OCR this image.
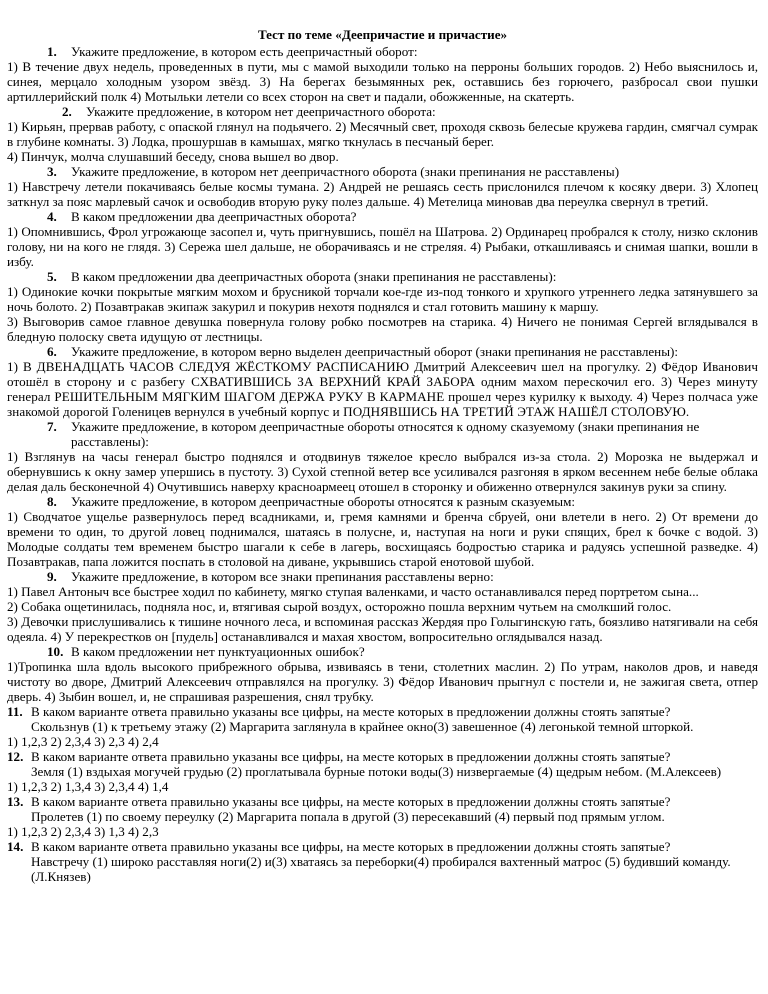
Тест по теме «Деепричастие и причастие»
1. Укажите предложение, в котором есть деепричастный оборот:
1) В течение двух недель, проведенных в пути, мы с мамой выходили только на перроны больших городов. 2) Небо выяснилось и, синея, мерцало холодным узором звёзд. 3) На берегах безымянных рек, оставшись без горючего, разбросал свои пушки артиллерийский полк 4) Мотыльки летели со всех сторон на свет и падали, обожженные, на скатерть.
2. Укажите предложение, в котором нет деепричастного оборота:
1) Кирьян, прервав работу, с опаской глянул на подьячего. 2) Месячный свет, проходя сквозь белесые кружева гардин, смягчал сумрак в глубине комнаты. 3) Лодка, прошуршав в камышах, мягко ткнулась в песчаный берег.
4) Пинчук, молча слушавший беседу, снова вышел во двор.
3. Укажите предложение, в котором нет деепричастного оборота (знаки препинания не расставлены)
1) Навстречу летели покачиваясь белые космы тумана. 2) Андрей не решаясь сесть прислонился плечом к косяку двери. 3) Хлопец заткнул за пояс марлевый сачок и освободив вторую руку полез дальше. 4) Метелица миновав два переулка свернул в третий.
4. В каком предложении два деепричастных оборота?
1) Опомнившись, Фрол угрожающе засопел и, чуть пригнувшись, пошёл на Шатрова. 2) Ординарец пробрался к столу, низко склонив голову, ни на кого не глядя. 3) Сережа шел дальше, не оборачиваясь и не стреляя. 4) Рыбаки, откашливаясь и снимая шапки, вошли в избу.
5. В каком предложении два деепричастных оборота (знаки препинания не расставлены):
1) Одинокие кочки покрытые мягким мохом и брусникой торчали кое-где из-под тонкого и хрупкого утреннего ледка затянувшего за ночь болото. 2) Позавтракав экипаж закурил и покурив нехотя поднялся и стал готовить машину к маршу.
3) Выговорив самое главное девушка повернула голову робко посмотрев на старика. 4) Ничего не понимая Сергей вглядывался в бледную полоску света идущую от лестницы.
6. Укажите предложение, в котором верно выделен деепричастный оборот (знаки препинания не расставлены):
1) В ДВЕНАДЦАТЬ ЧАСОВ СЛЕДУЯ ЖЁСТКОМУ РАСПИСАНИЮ Дмитрий Алексеевич шел на прогулку. 2) Фёдор Иванович отошёл в сторону и с разбегу СХВАТИВШИСЬ ЗА ВЕРХНИЙ КРАЙ ЗАБОРА одним махом перескочил его. 3) Через минуту генерал РЕШИТЕЛЬНЫМ МЯГКИМ ШАГОМ ДЕРЖА РУКУ В КАРМАНЕ прошел через курилку к выходу. 4) Через полчаса уже знакомой дорогой Голеницев вернулся в учебный корпус и ПОДНЯВШИСЬ НА ТРЕТИЙ ЭТАЖ НАШЁЛ СТОЛОВУЮ.
7. Укажите предложение, в котором деепричастные обороты относятся к одному сказуемому (знаки препинания не
расставлены):
1) Взглянув на часы генерал быстро поднялся и отодвинув тяжелое кресло выбрался из-за стола. 2) Морозка не выдержал и обернувшись к окну замер упершись в пустоту. 3) Сухой степной ветер все усиливался разгоняя в ярком весеннем небе белые облака делая даль бесконечной 4) Очутившись наверху красноармеец отошел в сторонку и обиженно отвернулся закинув руки за спину.
8. Укажите предложение, в котором деепричастные обороты относятся к разным сказуемым:
1) Сводчатое ущелье развернулось перед всадниками, и, гремя камнями и бренча сбруей, они влетели в него. 2) От времени до времени то один, то другой ловец поднимался, шатаясь в полусне, и, наступая на ноги и руки спящих, брел к бочке с водой. 3) Молодые солдаты тем временем быстро шагали к себе в лагерь, восхищаясь бодростью старика и радуясь успешной разведке. 4) Позавтракав, папа ложится поспать в столовой на диване, укрывшись старой енотовой шубой.
9. Укажите предложение, в котором все знаки препинания расставлены верно:
1) Павел Антоныч все быстрее ходил по кабинету, мягко ступая валенками, и часто останавливался перед портретом сына...
2) Собака ощетинилась, подняла нос, и, втягивая сырой воздух, осторожно пошла верхним чутьем на смолкший голос.
3) Девочки прислушивались к тишине ночного леса, и вспоминая рассказ Жердяя про Голыгинскую гать, боязливо натягивали на себя одеяла. 4) У перекрестков он [пудель] останавливался и махая хвостом, вопросительно оглядывался назад.
10. В каком предложении нет пунктуационных ошибок?
1)Тропинка шла вдоль высокого прибрежного обрыва, извиваясь в тени, столетних маслин. 2) По утрам, наколов дров, и наведя чистоту во дворе, Дмитрий Алексеевич отправлялся на прогулку. 3) Фёдор Иванович прыгнул с постели и, не зажигая света, отпер дверь. 4) Зыбин вошел, и, не спрашивая разрешения, снял трубку.
11. В каком варианте ответа правильно указаны все цифры, на месте которых в предложении должны стоять запятые?
Скользнув (1) к третьему этажу (2) Маргарита заглянула в крайнее окно(3) завешенное (4) легонькой темной шторкой.
1) 1,2,3 2) 2,3,4 3) 2,3 4) 2,4
12. В каком варианте ответа правильно указаны все цифры, на месте которых в предложении должны стоять запятые?
Земля (1) вздыхая могучей грудью (2) проглатывала бурные потоки воды(3) низвергаемые (4) щедрым небом. (М.Алексеев)
1) 1,2,3 2) 1,3,4 3) 2,3,4 4) 1,4
13. В каком варианте ответа правильно указаны все цифры, на месте которых в предложении должны стоять запятые?
Пролетев (1) по своему переулку (2) Маргарита попала в другой (3) пересекавший (4) первый под прямым углом.
1) 1,2,3 2) 2,3,4 3) 1,3 4) 2,3
14. В каком варианте ответа правильно указаны все цифры, на месте которых в предложении должны стоять запятые?
Навстречу (1) широко расставляя ноги(2) и(3) хватаясь за переборки(4) пробирался вахтенный матрос (5) будивший команду. (Л.Князев)
